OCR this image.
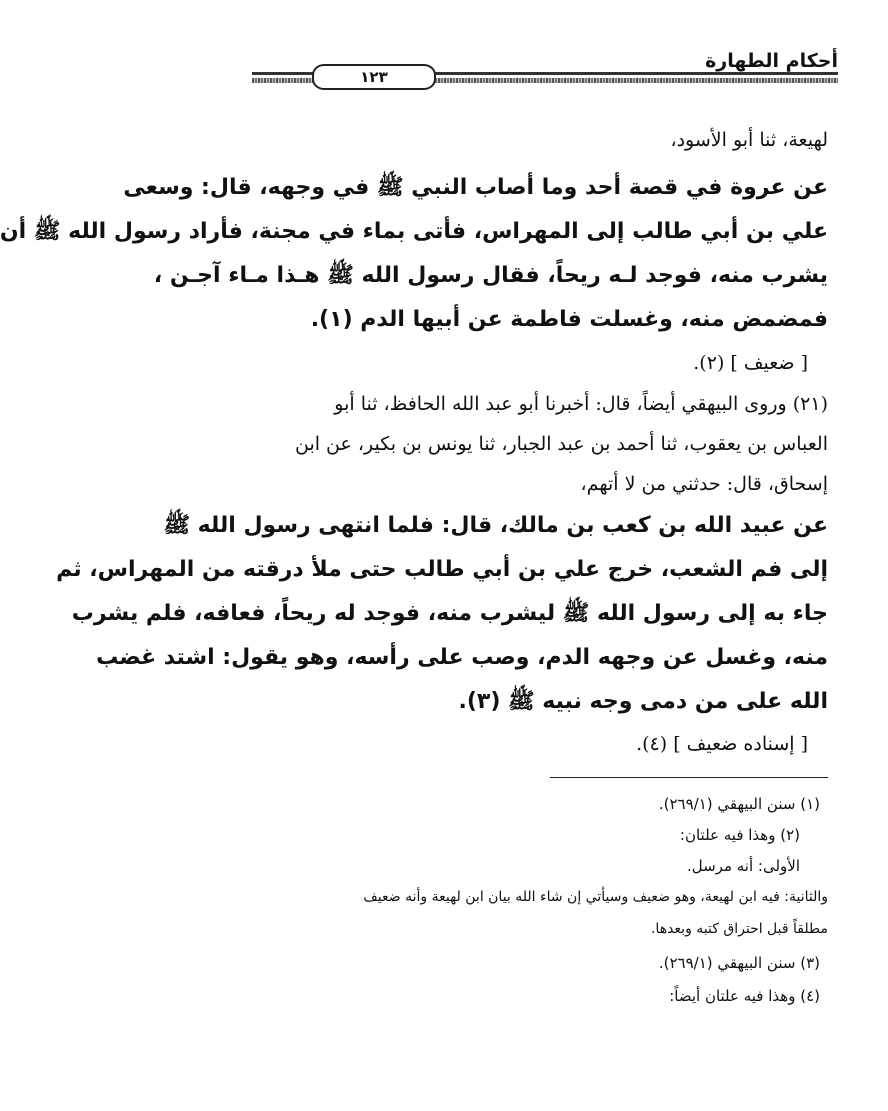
أحكام الطهارة
١٢٣
لهيعة، ثنا أبو الأسود،
عن عروة في قصة أحد وما أصاب النبي ﷺ في وجهه، قال: وسعى
علي بن أبي طالب إلى المهراس، فأتى بماء في مجنة، فأراد رسول الله ﷺ أن
يشرب منه، فوجد لـه ريحاً، فقال رسول الله ﷺ هـذا مـاء آجـن ،
فمضمض منه، وغسلت فاطمة عن أبيها الدم (١).
[ ضعيف ] (٢).
(٢١) وروى البيهقي أيضاً، قال: أخبرنا أبو عبد الله الحافظ، ثنا أبو
العباس بن يعقوب، ثنا أحمد بن عبد الجبار، ثنا يونس بن بكير، عن ابن
إسحاق، قال: حدثني من لا أتهم،
عن عبيد الله بن كعب بن مالك، قال: فلما انتهى رسول الله ﷺ
إلى فم الشعب، خرج علي بن أبي طالب حتى ملأ درقته من المهراس، ثم
جاء به إلى رسول الله ﷺ ليشرب منه، فوجد له ريحاً، فعافه، فلم يشرب
منه، وغسل عن وجهه الدم، وصب على رأسه، وهو يقول: اشتد غضب
الله على من دمى وجه نبيه ﷺ (٣).
[ إسناده ضعيف ] (٤).
(١) سنن البيهقي (٢٦٩/١).
(٢) وهذا فيه علتان:
الأولى: أنه مرسل.
والثانية: فيه ابن لهيعة، وهو ضعيف وسيأتي إن شاء الله بيان ابن لهيعة وأنه ضعيف
مطلقاً قبل احتراق كتبه وبعدها.
(٣) سنن البيهقي (٢٦٩/١).
(٤) وهذا فيه علتان أيضاً:
